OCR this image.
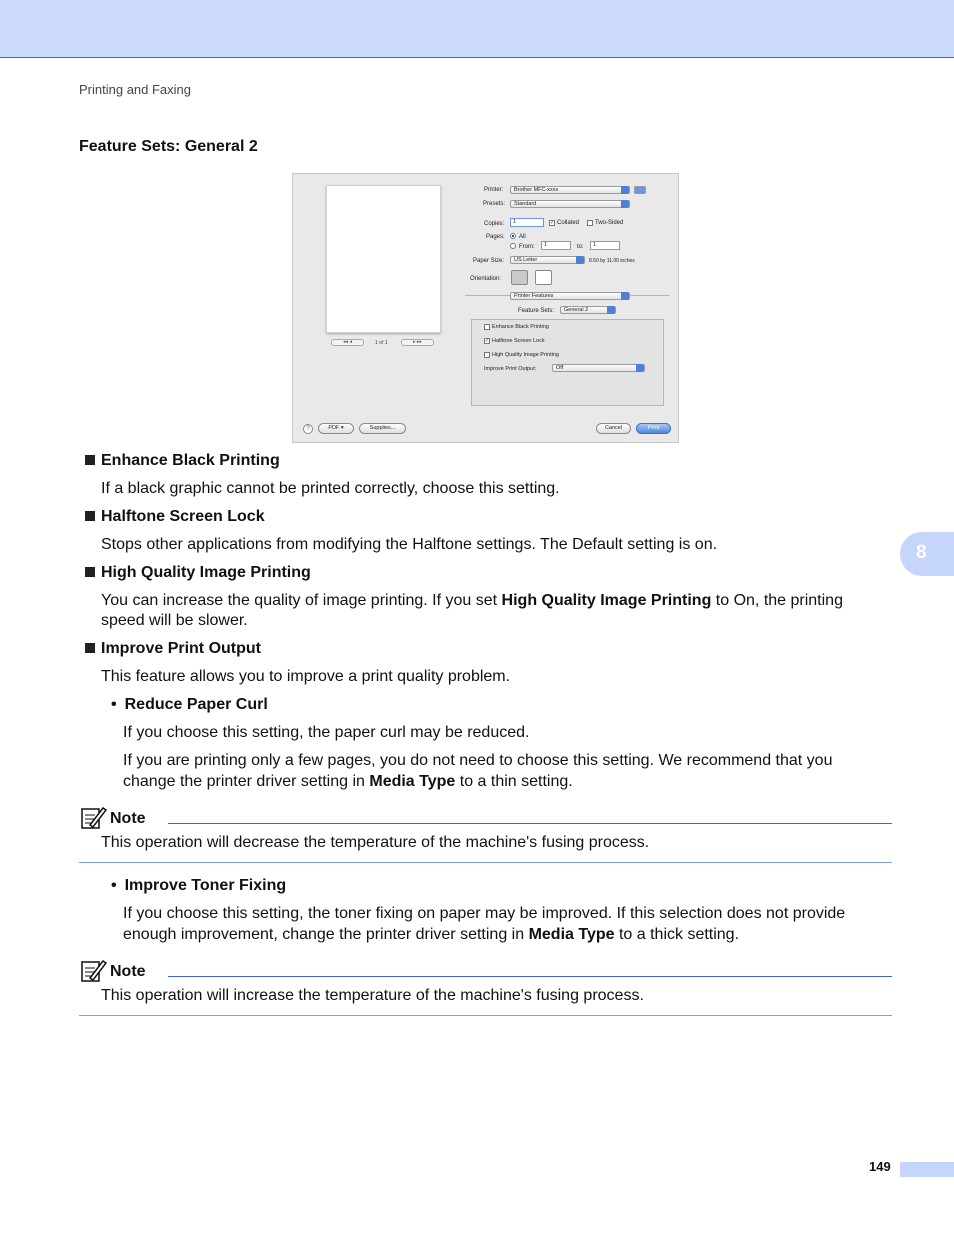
Printing and Faxing
8
Feature Sets: General 2
◂◂ ◂	1 of 1	▸ ▸▸
Printer:	Brother MFC-xxxx
Presets:	Standard
Copies:	1	✓ Collated	Two-Sided
Pages: All
From:	1	to:	1
Paper Size:	US Letter	8.50 by 11.00 inches
Orientation:
Printer Features
Feature Sets:	General 2
Enhance Black Printing
✓ Halftone Screen Lock
High Quality Image Printing
Improve Print Output:	Off
?	PDF ▾	Supplies...	Cancel	Print
Enhance Black Printing
If a black graphic cannot be printed correctly, choose this setting.
Halftone Screen Lock
Stops other applications from modifying the Halftone settings. The Default setting is on.
High Quality Image Printing
You can increase the quality of image printing. If you set High Quality Image Printing to On, the printing
speed will be slower.
Improve Print Output
This feature allows you to improve a print quality problem.
• Reduce Paper Curl
If you choose this setting, the paper curl may be reduced.
If you are printing only a few pages, you do not need to choose this setting. We recommend that you
change the printer driver setting in Media Type to a thin setting.
Note
This operation will decrease the temperature of the machine's fusing process.
• Improve Toner Fixing
If you choose this setting, the toner fixing on paper may be improved. If this selection does not provide
enough improvement, change the printer driver setting in Media Type to a thick setting.
Note
This operation will increase the temperature of the machine's fusing process.
149
